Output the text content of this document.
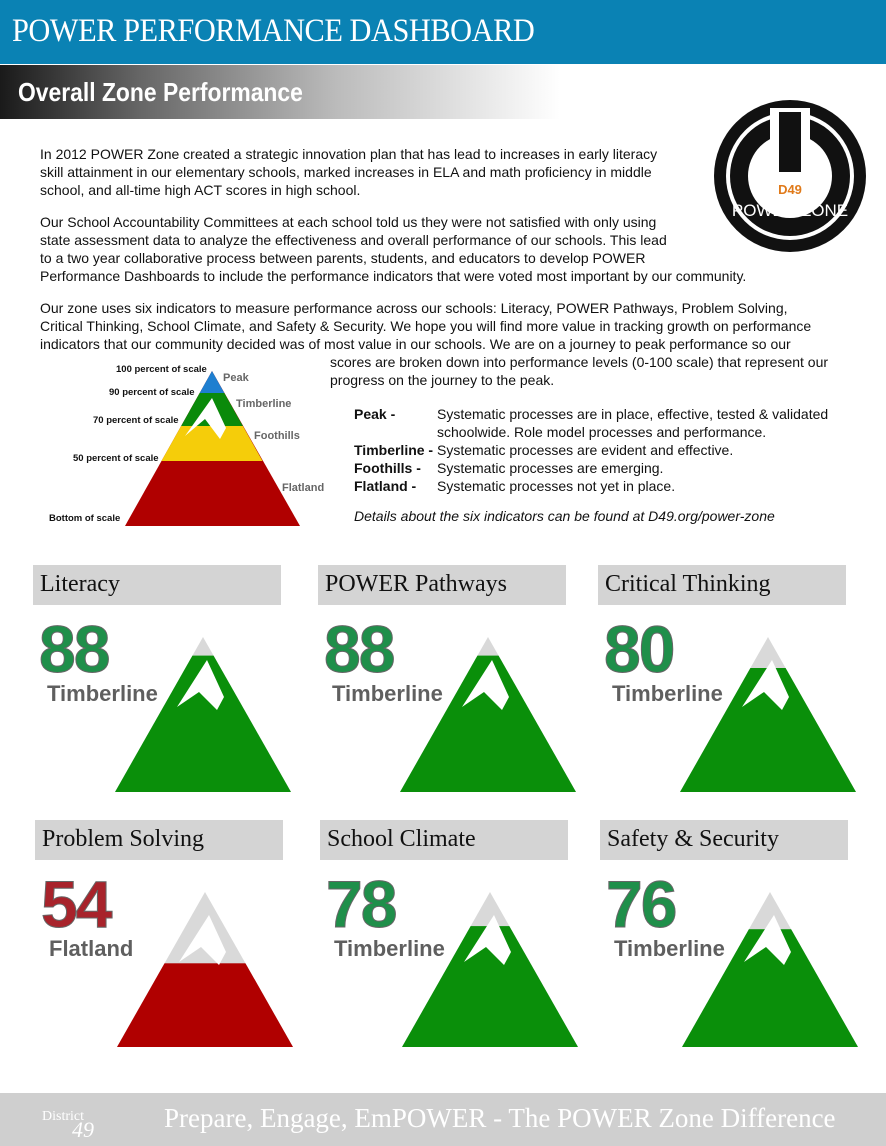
POWER PERFORMANCE DASHBOARD
Overall Zone Performance
In 2012 POWER Zone created a strategic innovation plan that has lead to increases in early literacy
skill attainment in our elementary schools, marked increases in ELA and math proficiency in middle
school, and all-time high ACT scores in high school.
Our School Accountability Committees at each school told us they were not satisfied with only using
state assessment data to analyze the effectiveness and overall performance of our schools. This lead
to a two year collaborative process between parents, students, and educators to develop POWER
Performance Dashboards to include the performance indicators that were voted most important by our community.
Our zone uses six indicators to measure performance across our schools: Literacy, POWER Pathways, Problem Solving,
Critical Thinking, School Climate, and Safety & Security. We hope you will find more value in tracking growth on performance
indicators that our community decided was of most value in our schools. We are on a journey to peak performance so our
scores are broken down into performance levels (0-100 scale) that represent our
progress on the journey to the peak.
D49
POWER ZONE
100 percent of scale
90 percent of scale
70 percent of scale
50 percent of scale
Bottom of scale
Peak
Timberline
Foothills
Flatland
Peak -	Systematic processes are in place, effective, tested & validated
schoolwide. Role model processes and performance.
Timberline - Systematic processes are evident and effective.
Foothills -	Systematic processes are emerging.
Flatland -	Systematic processes not yet in place.
Details about the six indicators can be found at D49.org/power-zone
Literacy
88
Timberline
POWER Pathways
88
Timberline
Critical Thinking
80
Timberline
Problem Solving
54
Flatland
School Climate
78
Timberline
Safety & Security
76
Timberline
District
49	Prepare, Engage, EmPOWER - The POWER Zone Difference
